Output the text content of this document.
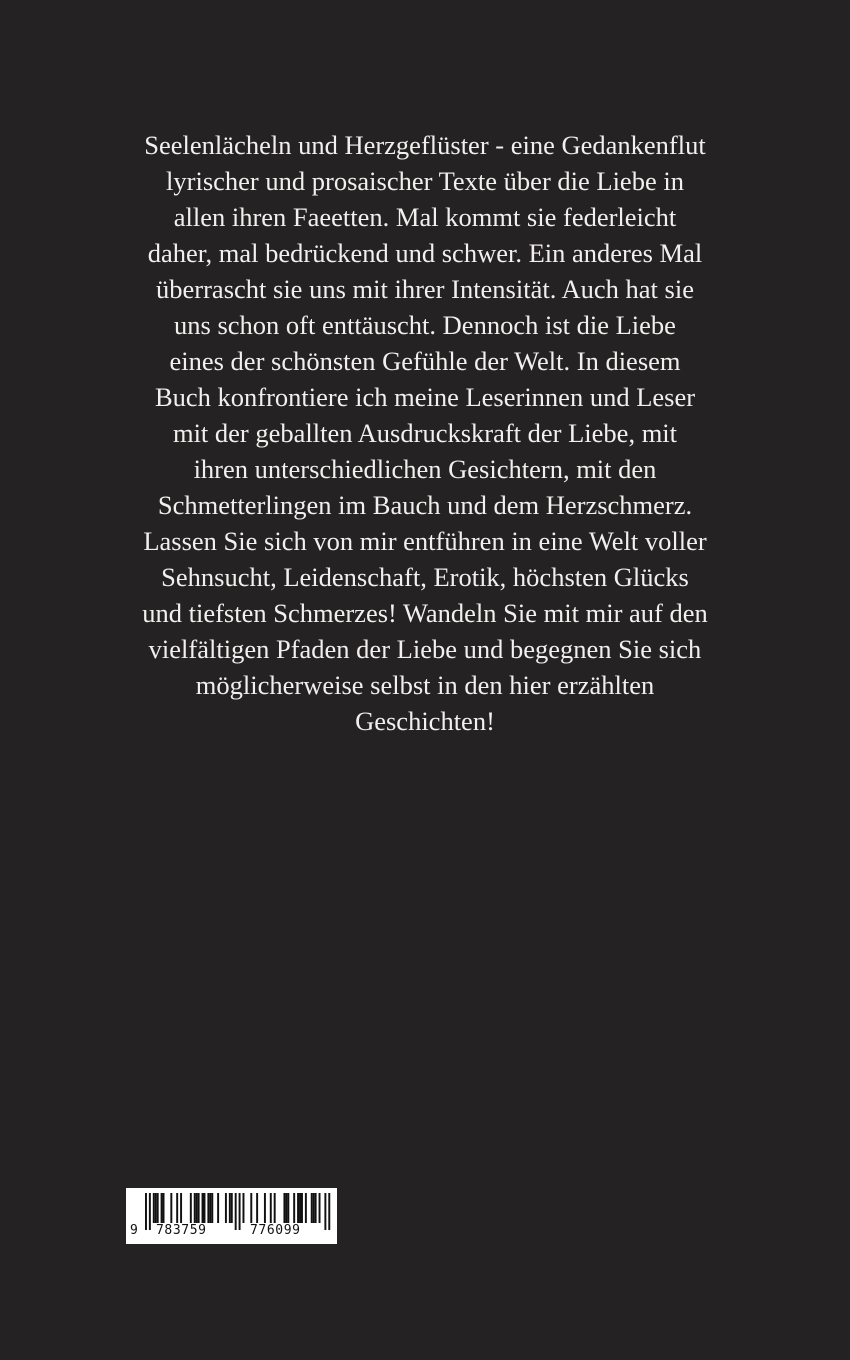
Seelenlächeln und Herzgeflüster - eine Gedankenflut
lyrischer und prosaischer Texte über die Liebe in
allen ihren Faeetten. Mal kommt sie federleicht
daher, mal bedrückend und schwer. Ein anderes Mal
überrascht sie uns mit ihrer Intensität. Auch hat sie
uns schon oft enttäuscht. Dennoch ist die Liebe
eines der schönsten Gefühle der Welt. In diesem
Buch konfrontiere ich meine Leserinnen und Leser
mit der geballten Ausdruckskraft der Liebe, mit
ihren unterschiedlichen Gesichtern, mit den
Schmetterlingen im Bauch und dem Herzschmerz.
Lassen Sie sich von mir entführen in eine Welt voller
Sehnsucht, Leidenschaft, Erotik, höchsten Glücks
und tiefsten Schmerzes! Wandeln Sie mit mir auf den
vielfältigen Pfaden der Liebe und begegnen Sie sich
möglicherweise selbst in den hier erzählten
Geschichten!
9 783759	776099
